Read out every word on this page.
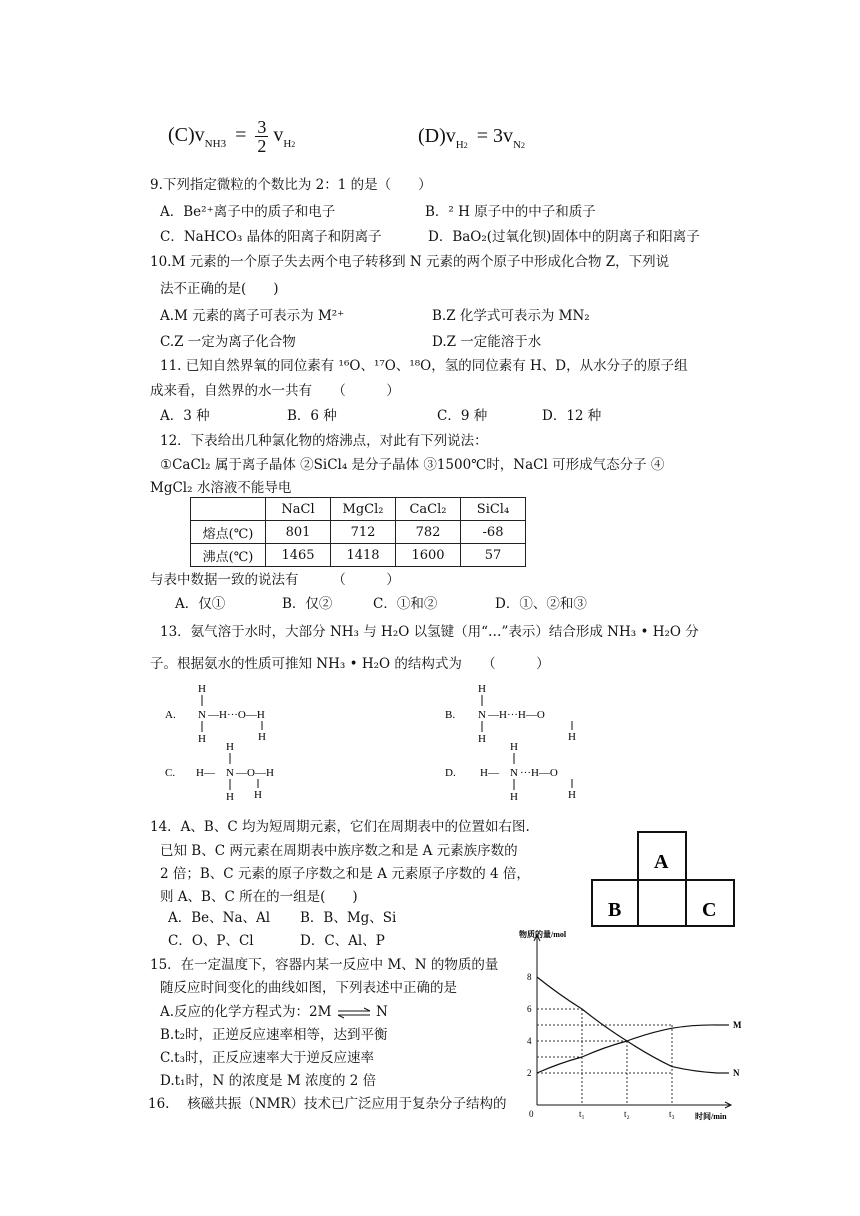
$(C)v_{NH3} = \frac{3}{2} v_{H2}$	$(D)v_{H2} = 3v_{N2}$
9.下列指定微粒的个数比为 2：1 的是（　　）
A．Be²⁺离子中的质子和电子	B．² H 原子中的中子和质子
C．NaHCO₃ 晶体的阳离子和阴离子	D．BaO₂(过氧化钡)固体中的阴离子和阳离子
10.M 元素的一个原子失去两个电子转移到 N 元素的两个原子中形成化合物 Z，下列说
法不正确的是(　　)
A.M 元素的离子可表示为 M²⁺	B.Z 化学式可表示为 MN₂
C.Z 一定为离子化合物	D.Z 一定能溶于水
11. 已知自然界氧的同位素有 ¹⁶O、¹⁷O、¹⁸O，氢的同位素有 H、D，从水分子的原子组
成来看，自然界的水一共有　　（　　　）
A．3 种	B．6 种	C．9 种	D．12 种
12．下表给出几种氯化物的熔沸点，对此有下列说法：
①CaCl₂ 属于离子晶体 ②SiCl₄ 是分子晶体 ③1500℃时，NaCl 可形成气态分子 ④
MgCl₂ 水溶液不能导电
	NaCl	MgCl₂	CaCl₂	SiCl₄
熔点(℃)	801	712	782	-68
沸点(℃)	1465	1418	1600	57
与表中数据一致的说法有　　　（　　　）
A．仅①	B．仅②	C．①和②	D．①、②和③
13．氨气溶于水时，大部分 NH₃ 与 H₂O 以氢键（用“…”表示）结合形成 NH₃ • H₂O 分
子。根据氨水的性质可推知 NH₃ • H₂O 的结构式为　　（　　　）
A.
H
N —H···O—H
H	H
B.
H
N —H···H—O
H	H
C. H—
H
N —O—H
H H
D. H—
H
N ···H—O
H	H
14．A、B、C 均为短周期元素，它们在周期表中的位置如右图.
已知 B、C 两元素在周期表中族序数之和是 A 元素族序数的
2 倍；B、C 元素的原子序数之和是 A 元素原子序数的 4 倍，
则 A、B、C 所在的一组是(　　)
A．Be、Na、Al B．B、Mg、Si
C．O、P、Cl	D．C、Al、P
A
B	C
15．在一定温度下，容器内某一反应中 M、N 的物质的量
随反应时间变化的曲线如图，下列表述中正确的是
A.反应的化学方程式为：2M ⇌ N
B.t₂时，正逆反应速率相等，达到平衡
C.t₃时，正反应速率大于逆反应速率
D.t₁时，N 的浓度是 M 浓度的 2 倍
物质的量/mol
时间/min
2
4
6
8
0	t₁	t₂	t₃
M
N
16.　 核磁共振（NMR）技术已广泛应用于复杂分子结构的
